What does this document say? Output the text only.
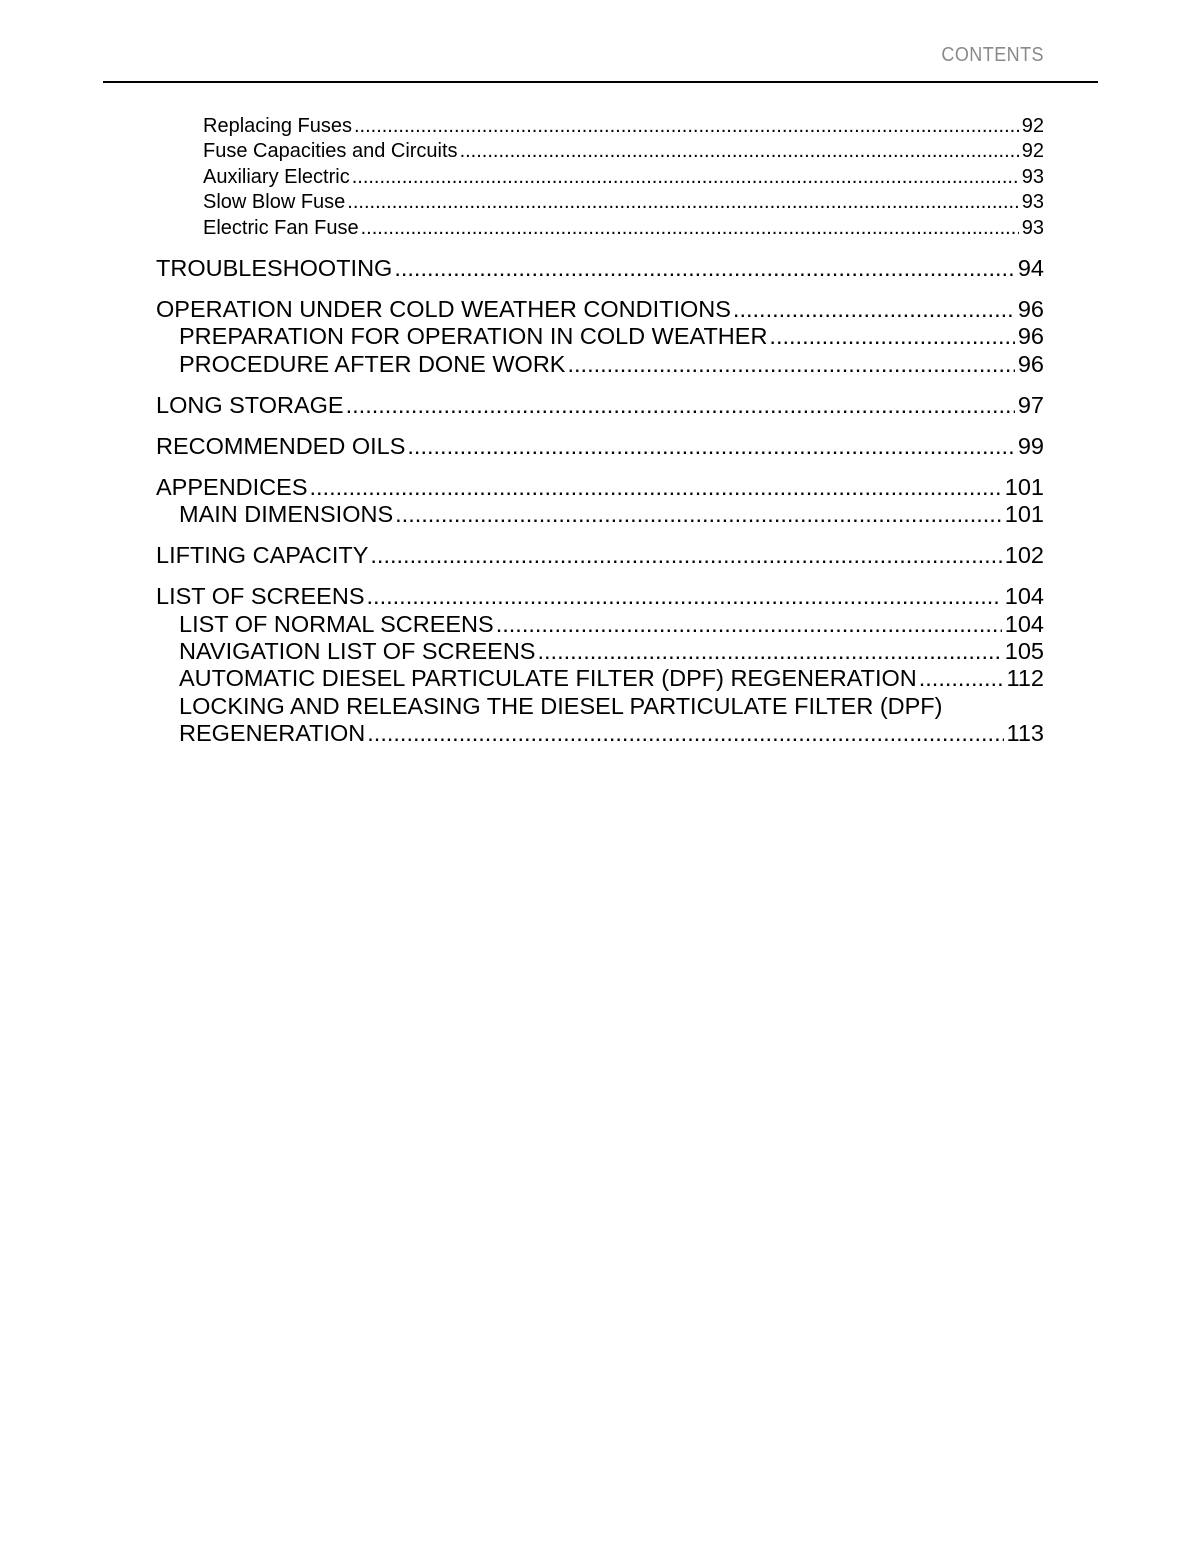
CONTENTS
Replacing Fuses .....	92
Fuse Capacities and Circuits .....	92
Auxiliary Electric .....	93
Slow Blow Fuse .....	93
Electric Fan Fuse .....	93
TROUBLESHOOTING .....	94
OPERATION UNDER COLD WEATHER CONDITIONS .....	96
PREPARATION FOR OPERATION IN COLD WEATHER .....	96
PROCEDURE AFTER DONE WORK .....	96
LONG STORAGE .....	97
RECOMMENDED OILS .....	99
APPENDICES .....	101
MAIN DIMENSIONS .....	101
LIFTING CAPACITY .....	102
LIST OF SCREENS .....	104
LIST OF NORMAL SCREENS .....	104
NAVIGATION LIST OF SCREENS .....	105
AUTOMATIC DIESEL PARTICULATE FILTER (DPF) REGENERATION .....	112
LOCKING AND RELEASING THE DIESEL PARTICULATE FILTER (DPF)
REGENERATION .....	113
